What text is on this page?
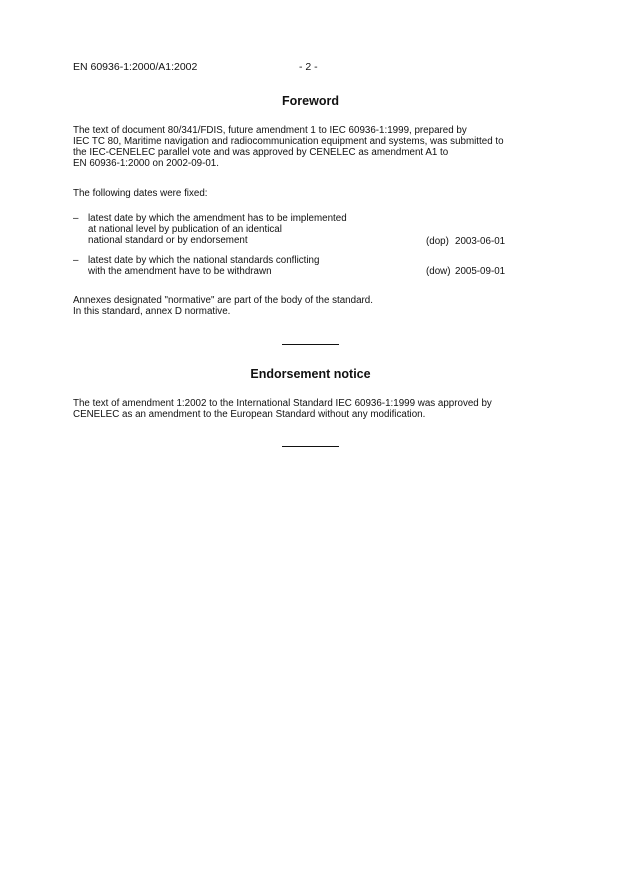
EN 60936-1:2000/A1:2002	- 2 -
Foreword

The text of document 80/341/FDIS, future amendment 1 to IEC 60936-1:1999, prepared by

IEC TC 80, Maritime navigation and radiocommunication equipment and systems, was submitted to

the IEC-CENELEC parallel vote and was approved by CENELEC as amendment A1 to

EN 60936-1:2000 on 2002-09-01.

The following dates were fixed:
– latest date by which the amendment has to be implemented
at national level by publication of an identical
national standard or by endorsement	(dop) 2003-06-01
– latest date by which the national standards conflicting
with the amendment have to be withdrawn	(dow) 2005-09-01

Annexes designated "normative" are part of the body of the standard.

In this standard, annex D normative.

Endorsement notice

The text of amendment 1:2002 to the International Standard IEC 60936-1:1999 was approved by

CENELEC as an amendment to the European Standard without any modification.
